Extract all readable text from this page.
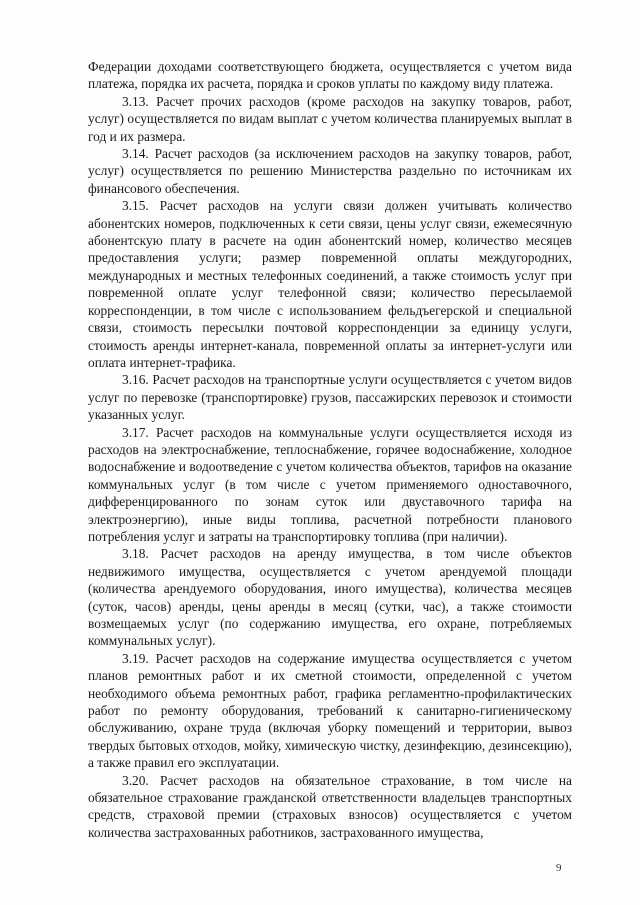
Федерации доходами соответствующего бюджета, осуществляется с учетом вида платежа, порядка их расчета, порядка и сроков уплаты по каждому виду платежа.

3.13. Расчет прочих расходов (кроме расходов на закупку товаров, работ, услуг) осуществляется по видам выплат с учетом количества планируемых выплат в год и их размера.

3.14. Расчет расходов (за исключением расходов на закупку товаров, работ, услуг) осуществляется по решению Министерства раздельно по источникам их финансового обеспечения.

3.15. Расчет расходов на услуги связи должен учитывать количество абонентских номеров, подключенных к сети связи, цены услуг связи, ежемесячную абонентскую плату в расчете на один абонентский номер, количество месяцев предоставления услуги; размер повременной оплаты междугородних, международных и местных телефонных соединений, а также стоимость услуг при повременной оплате услуг телефонной связи; количество пересылаемой корреспонденции, в том числе с использованием фельдъегерской и специальной связи, стоимость пересылки почтовой корреспонденции за единицу услуги, стоимость аренды интернет-канала, повременной оплаты за интернет-услуги или оплата интернет-трафика.

3.16. Расчет расходов на транспортные услуги осуществляется с учетом видов услуг по перевозке (транспортировке) грузов, пассажирских перевозок и стоимости указанных услуг.

3.17. Расчет расходов на коммунальные услуги осуществляется исходя из расходов на электроснабжение, теплоснабжение, горячее водоснабжение, холодное водоснабжение и водоотведение с учетом количества объектов, тарифов на оказание коммунальных услуг (в том числе с учетом применяемого одноставочного, дифференцированного по зонам суток или двуставочного тарифа на электроэнергию), иные виды топлива, расчетной потребности планового потребления услуг и затраты на транспортировку топлива (при наличии).

3.18. Расчет расходов на аренду имущества, в том числе объектов недвижимого имущества, осуществляется с учетом арендуемой площади (количества арендуемого оборудования, иного имущества), количества месяцев (суток, часов) аренды, цены аренды в месяц (сутки, час), а также стоимости возмещаемых услуг (по содержанию имущества, его охране, потребляемых коммунальных услуг).

3.19. Расчет расходов на содержание имущества осуществляется с учетом планов ремонтных работ и их сметной стоимости, определенной с учетом необходимого объема ремонтных работ, графика регламентно-профилактических работ по ремонту оборудования, требований к санитарно-гигиеническому обслуживанию, охране труда (включая уборку помещений и территории, вывоз твердых бытовых отходов, мойку, химическую чистку, дезинфекцию, дезинсекцию), а также правил его эксплуатации.

3.20. Расчет расходов на обязательное страхование, в том числе на обязательное страхование гражданской ответственности владельцев транспортных средств, страховой премии (страховых взносов) осуществляется с учетом количества застрахованных работников, застрахованного имущества,

9
